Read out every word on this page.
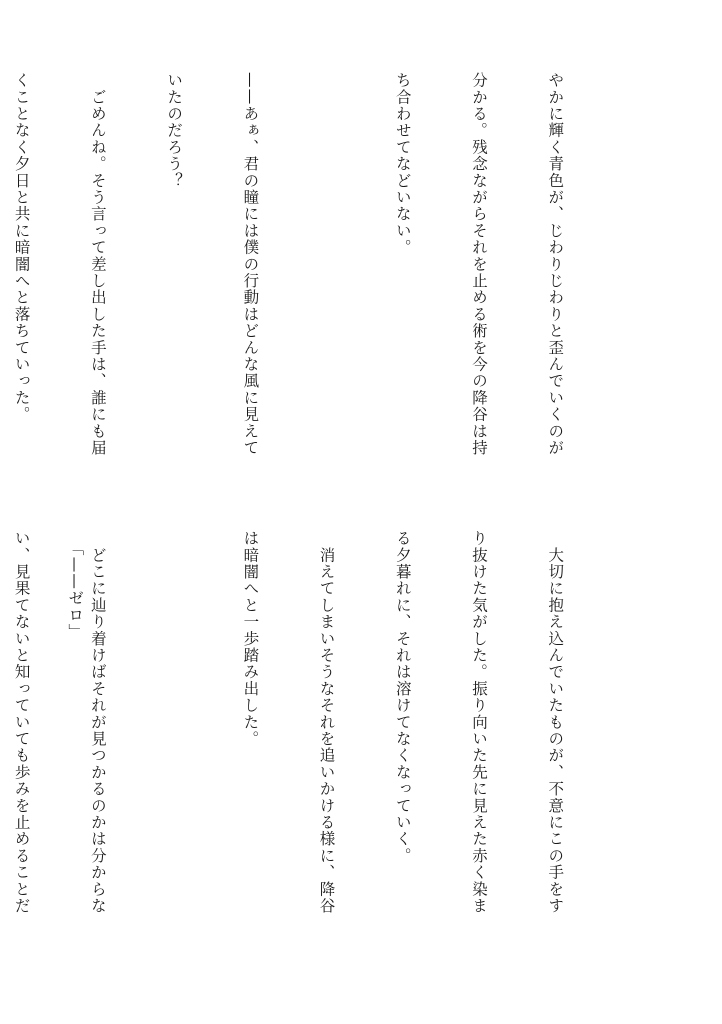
やかに輝く青色が、じわりじわりと歪んでいくのが

分かる。残念ながらそれを止める術を今の降谷は持

ち合わせてなどいない。

——あぁ、君の瞳には僕の行動はどんな風に見えて

いたのだろう？

　ごめんね。そう言って差し出した手は、誰にも届

くことなく夕日と共に暗闇へと落ちていった。

　大切に抱え込んでいたものが、不意にこの手をす

り抜けた気がした。振り向いた先に見えた赤く染ま

る夕暮れに、それは溶けてなくなっていく。

　消えてしまいそうなそれを追いかける様に、降谷

は暗闇へと一歩踏み出した。

　どこに辿り着けばそれが見つかるのかは分からな

い、見果てないと知っていても歩みを止めることだ

「——ゼロ」
